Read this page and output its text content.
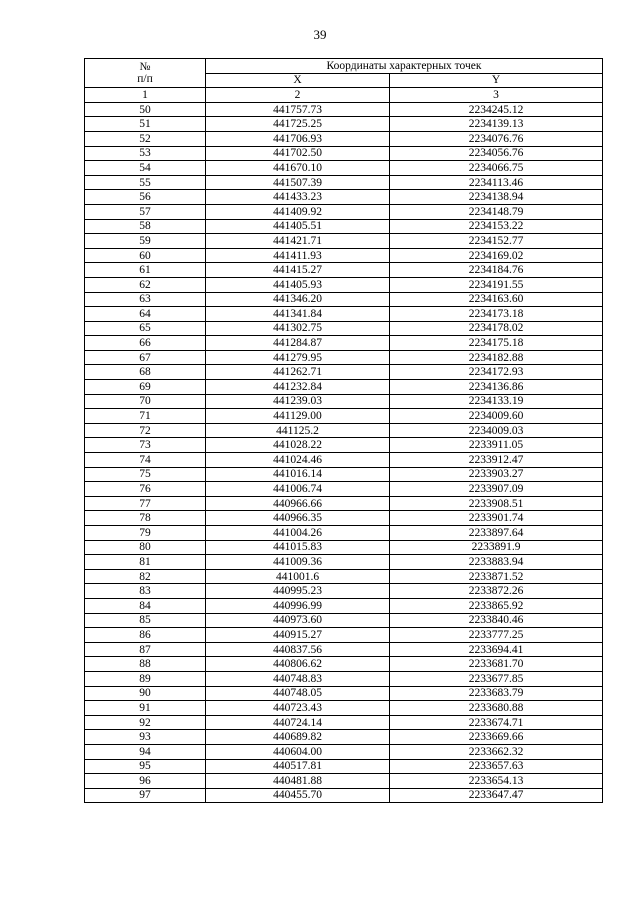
39
№
п/п	Координаты характерных точек	
	X	Y
1	2	3
50	441757.73	2234245.12
51	441725.25	2234139.13
52	441706.93	2234076.76
53	441702.50	2234056.76
54	441670.10	2234066.75
55	441507.39	2234113.46
56	441433.23	2234138.94
57	441409.92	2234148.79
58	441405.51	2234153.22
59	441421.71	2234152.77
60	441411.93	2234169.02
61	441415.27	2234184.76
62	441405.93	2234191.55
63	441346.20	2234163.60
64	441341.84	2234173.18
65	441302.75	2234178.02
66	441284.87	2234175.18
67	441279.95	2234182.88
68	441262.71	2234172.93
69	441232.84	2234136.86
70	441239.03	2234133.19
71	441129.00	2234009.60
72	441125.2	2234009.03
73	441028.22	2233911.05
74	441024.46	2233912.47
75	441016.14	2233903.27
76	441006.74	2233907.09
77	440966.66	2233908.51
78	440966.35	2233901.74
79	441004.26	2233897.64
80	441015.83	2233891.9
81	441009.36	2233883.94
82	441001.6	2233871.52
83	440995.23	2233872.26
84	440996.99	2233865.92
85	440973.60	2233840.46
86	440915.27	2233777.25
87	440837.56	2233694.41
88	440806.62	2233681.70
89	440748.83	2233677.85
90	440748.05	2233683.79
91	440723.43	2233680.88
92	440724.14	2233674.71
93	440689.82	2233669.66
94	440604.00	2233662.32
95	440517.81	2233657.63
96	440481.88	2233654.13
97	440455.70	2233647.47
